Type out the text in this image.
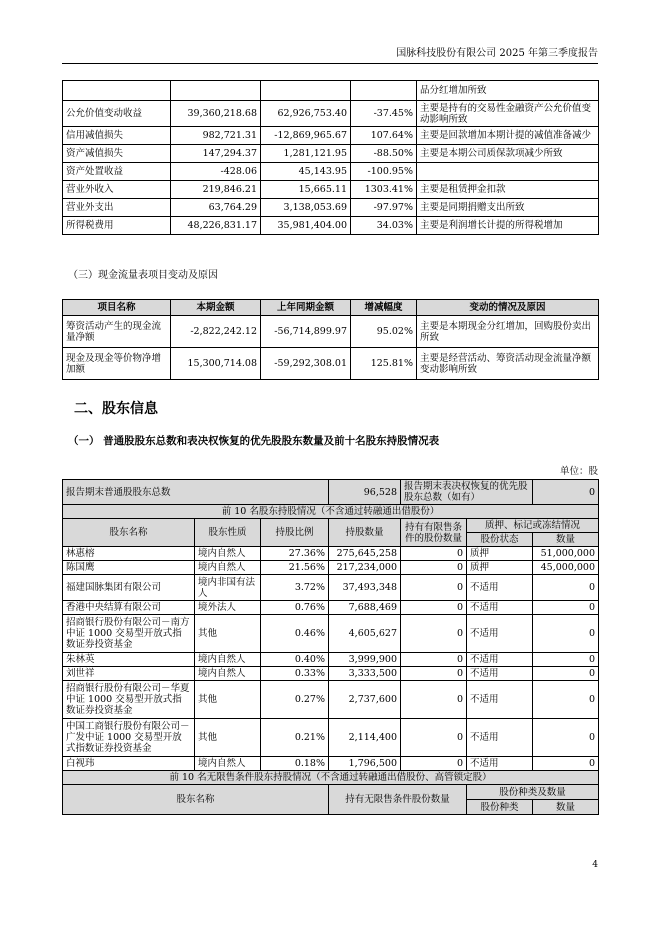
国脉科技股份有限公司 2025 年第三季度报告
				品分红增加所致
公允价值变动收益	39,360,218.68	62,926,753.40	-37.45%	主要是持有的交易性金融资产公允价值变动影响所致
信用减值损失	982,721.31	-12,869,965.67	107.64%	主要是回款增加本期计提的减值准备减少
资产减值损失	147,294.37	1,281,121.95	-88.50%	主要是本期公司质保款项减少所致
资产处置收益	-428.06	45,143.95	-100.95%	
营业外收入	219,846.21	15,665.11	1303.41%	主要是租赁押金扣款
营业外支出	63,764.29	3,138,053.69	-97.97%	主要是同期捐赠支出所致
所得税费用	48,226,831.17	35,981,404.00	34.03%	主要是利润增长计提的所得税增加
（三）现金流量表项目变动及原因
项目名称	本期金额	上年同期金额	增减幅度	变动的情况及原因
筹资活动产生的现金流量净额	-2,822,242.12	-56,714,899.97	95.02%	主要是本期现金分红增加，回购股份卖出所致
现金及现金等价物净增加额	15,300,714.08	-59,292,308.01	125.81%	主要是经营活动、筹资活动现金流量净额变动影响所致
二、股东信息
（一） 普通股股东总数和表决权恢复的优先股股东数量及前十名股东持股情况表
单位：股
报告期末普通股股东总数			96,528	报告期末表决权恢复的优先股股东总数（如有）		0
前 10 名股东持股情况（不含通过转融通出借股份）						
股东名称	股东性质	持股比例	持股数量	持有有限售条件的股份数量	质押、标记或冻结情况	
					股份状态	数量
林惠榕	境内自然人	27.36%	275,645,258	0	质押	51,000,000
陈国鹰	境内自然人	21.56%	217,234,000	0	质押	45,000,000
福建国脉集团有限公司	境内非国有法人	3.72%	37,493,348	0	不适用	0
香港中央结算有限公司	境外法人	0.76%	7,688,469	0	不适用	0
招商银行股份有限公司－南方中证 1000 交易型开放式指数证券投资基金	其他	0.46%	4,605,627	0	不适用	0
朱林英	境内自然人	0.40%	3,999,900	0	不适用	0
刘世祥	境内自然人	0.33%	3,333,500	0	不适用	0
招商银行股份有限公司－华夏中证 1000 交易型开放式指数证券投资基金	其他	0.27%	2,737,600	0	不适用	0
中国工商银行股份有限公司－广发中证 1000 交易型开放式指数证券投资基金	其他	0.21%	2,114,400	0	不适用	0
白视玮	境内自然人	0.18%	1,796,500	0	不适用	0
前 10 名无限售条件股东持股情况（不含通过转融通出借股份、高管锁定股）						
股东名称			持有无限售条件股份数量		股份种类及数量	
					股份种类	数量
4
